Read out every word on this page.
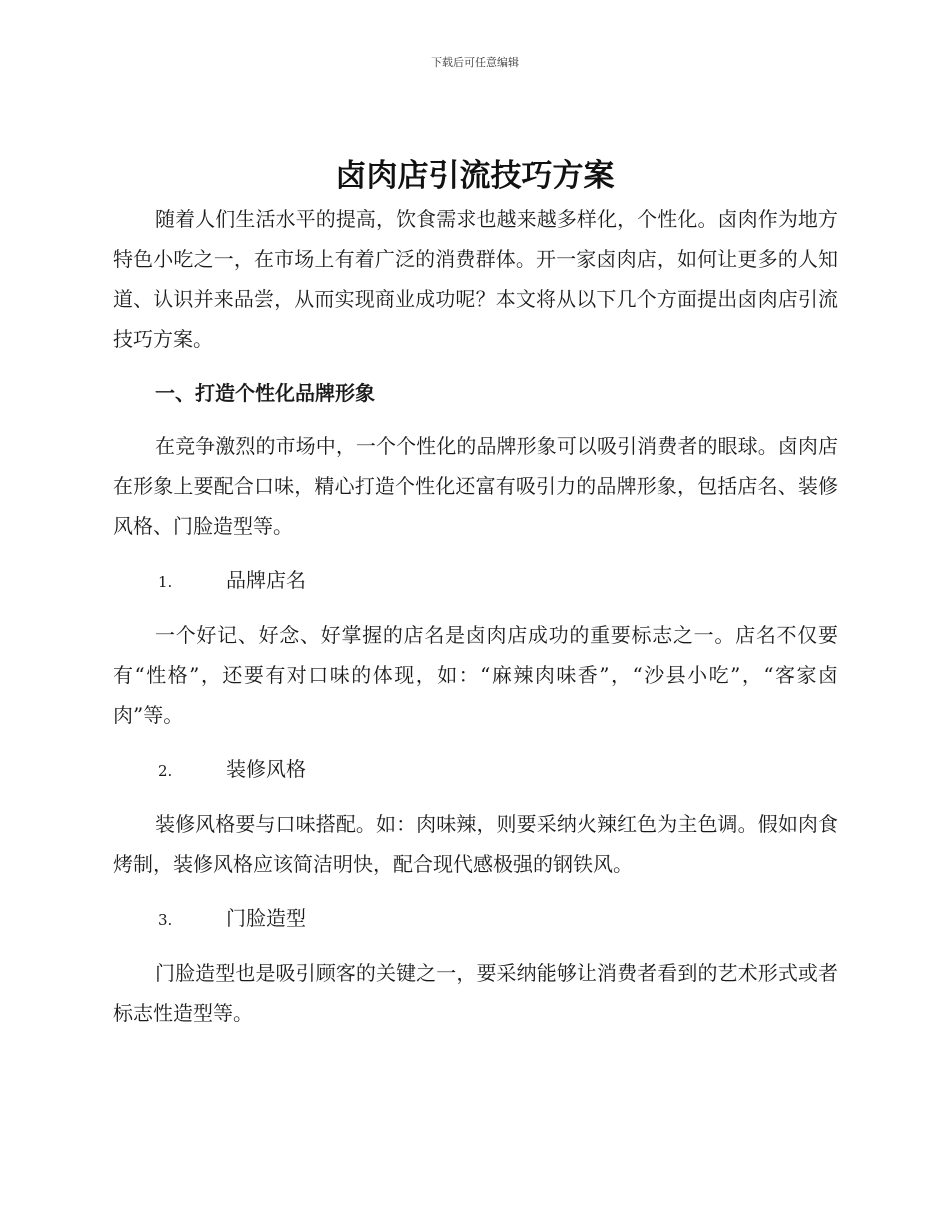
下载后可任意编辑
卤肉店引流技巧方案

随着人们生活水平的提高，饮食需求也越来越多样化，个性化。卤肉作为地方特色小吃之一，在市场上有着广泛的消费群体。开一家卤肉店，如何让更多的人知道、认识并来品尝，从而实现商业成功呢？本文将从以下几个方面提出卤肉店引流技巧方案。

一、打造个性化品牌形象

在竞争激烈的市场中，一个个性化的品牌形象可以吸引消费者的眼球。卤肉店在形象上要配合口味，精心打造个性化还富有吸引力的品牌形象，包括店名、装修风格、门脸造型等。

1.	品牌店名

一个好记、好念、好掌握的店名是卤肉店成功的重要标志之一。店名不仅要有“性格”，还要有对口味的体现，如：“麻辣肉味香”，“沙县小吃”，“客家卤肉”等。

2.	装修风格

装修风格要与口味搭配。如：肉味辣，则要采纳火辣红色为主色调。假如肉食烤制，装修风格应该简洁明快，配合现代感极强的钢铁风。

3.	门脸造型

门脸造型也是吸引顾客的关键之一，要采纳能够让消费者看到的艺术形式或者标志性造型等。
